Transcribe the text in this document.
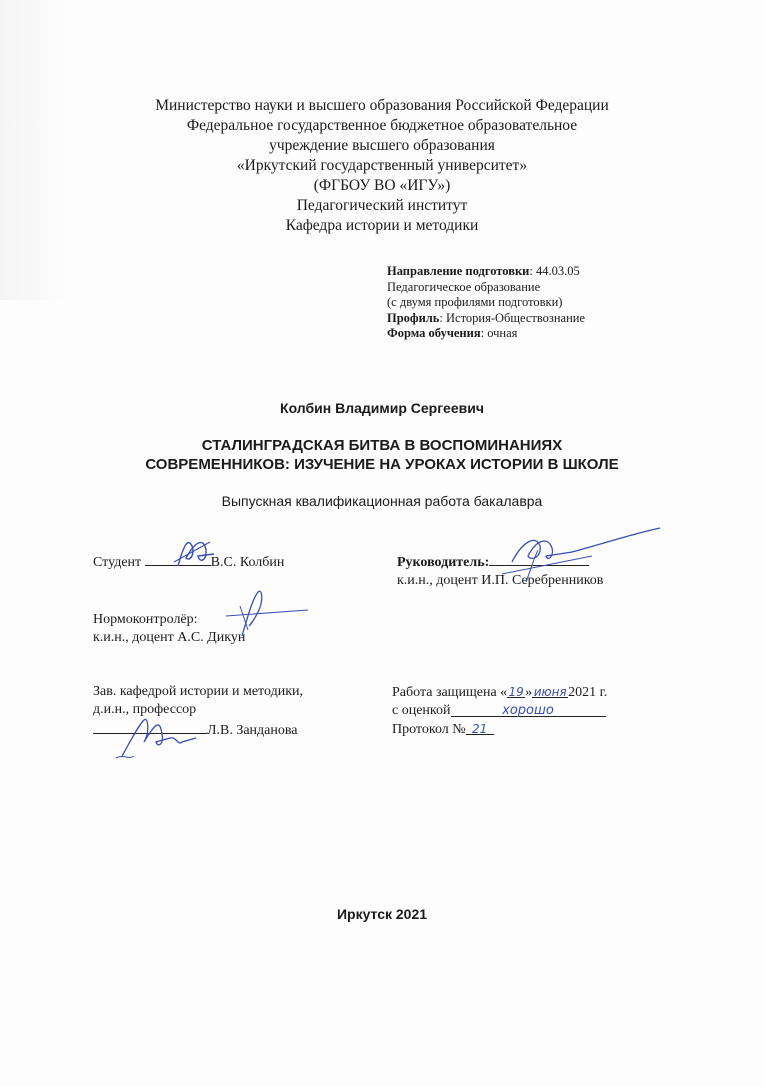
Министерство науки и высшего образования Российской Федерации
Федеральное государственное бюджетное образовательное
учреждение высшего образования
«Иркутский государственный университет»
(ФГБОУ ВО «ИГУ»)
Педагогический институт
Кафедра истории и методики
Направление подготовки: 44.03.05
Педагогическое образование
(с двумя профилями подготовки)
Профиль: История-Обществознание
Форма обучения: очная
Колбин Владимир Сергеевич
СТАЛИНГРАДСКАЯ БИТВА В ВОСПОМИНАНИЯХ
СОВРЕМЕННИКОВ: ИЗУЧЕНИЕ НА УРОКАХ ИСТОРИИ В ШКОЛЕ
Выпускная квалификационная работа бакалавра
Студент	В.С. Колбин	Руководитель:
к.и.н., доцент И.П. Серебренников
Нормоконтролёр:
к.и.н., доцент А.С. Дикун
Зав. кафедрой истории и методики,
д.и.н., профессор
Л.В. Занданова
Работа защищена «19» июня 2021 г.
с оценкой	хорошо
Протокол № 21
Иркутск 2021
